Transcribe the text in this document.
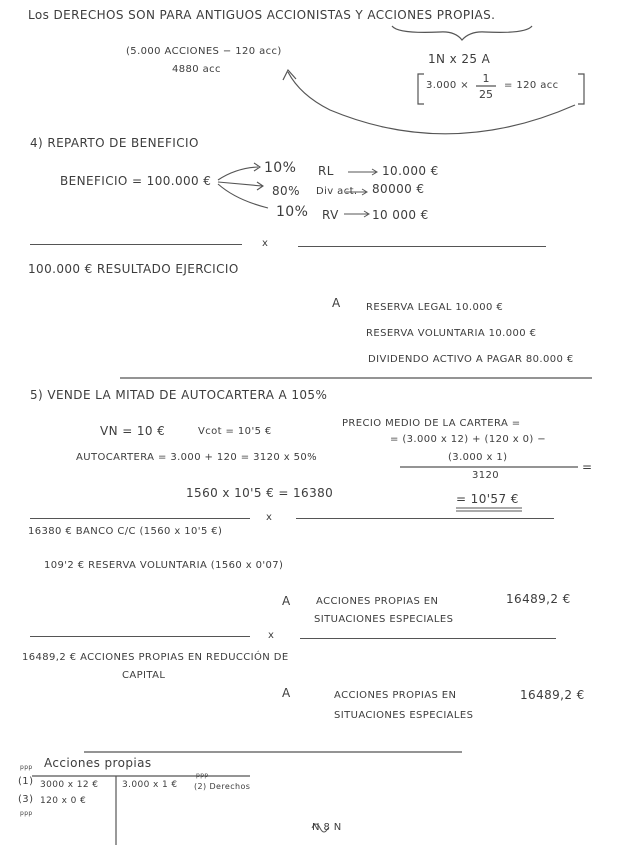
Los DERECHOS SON PARA ANTIGUOS ACCIONISTAS Y ACCIONES PROPIAS.
(5.000 ACCIONES − 120 acc)
4880 acc
1N x 25 A
3.000 ×
1
25
= 120 acc
4) REPARTO DE BENEFICIO
BENEFICIO = 100.000 €
10% RL	10.000 €
80% Div act. 80000 €
10% RV	10 000 €
x
100.000 € RESULTADO EJERCICIO
A	RESERVA LEGAL 10.000 €
RESERVA VOLUNTARIA 10.000 €
DIVIDENDO ACTIVO A PAGAR 80.000 €
5) VENDE LA MITAD DE AUTOCARTERA A 105%
VN = 10 €	Vcot = 10'5 €
PRECIO MEDIO DE LA CARTERA =
= (3.000 x 12) + (120 x 0) −
(3.000 x 1)
3120
=
= 10'57 €
AUTOCARTERA = 3.000 + 120 = 3120 x 50%
1560 x 10'5 € = 16380
x
16380 € BANCO C/C (1560 x 10'5 €)
109'2 € RESERVA VOLUNTARIA (1560 x 0'07)
A	ACCIONES PROPIAS EN
SITUACIONES ESPECIALES
16489,2 €
x
16489,2 € ACCIONES PROPIAS EN REDUCCIÓN DE
CAPITAL
A	ACCIONES PROPIAS EN
SITUACIONES ESPECIALES
16489,2 €
Acciones propias
ppp
(1) 3000 x 12 €
(3) 120 x 0 €
ppp
3.000 x 1 €
ppp
(2) Derechos
N 8 N
